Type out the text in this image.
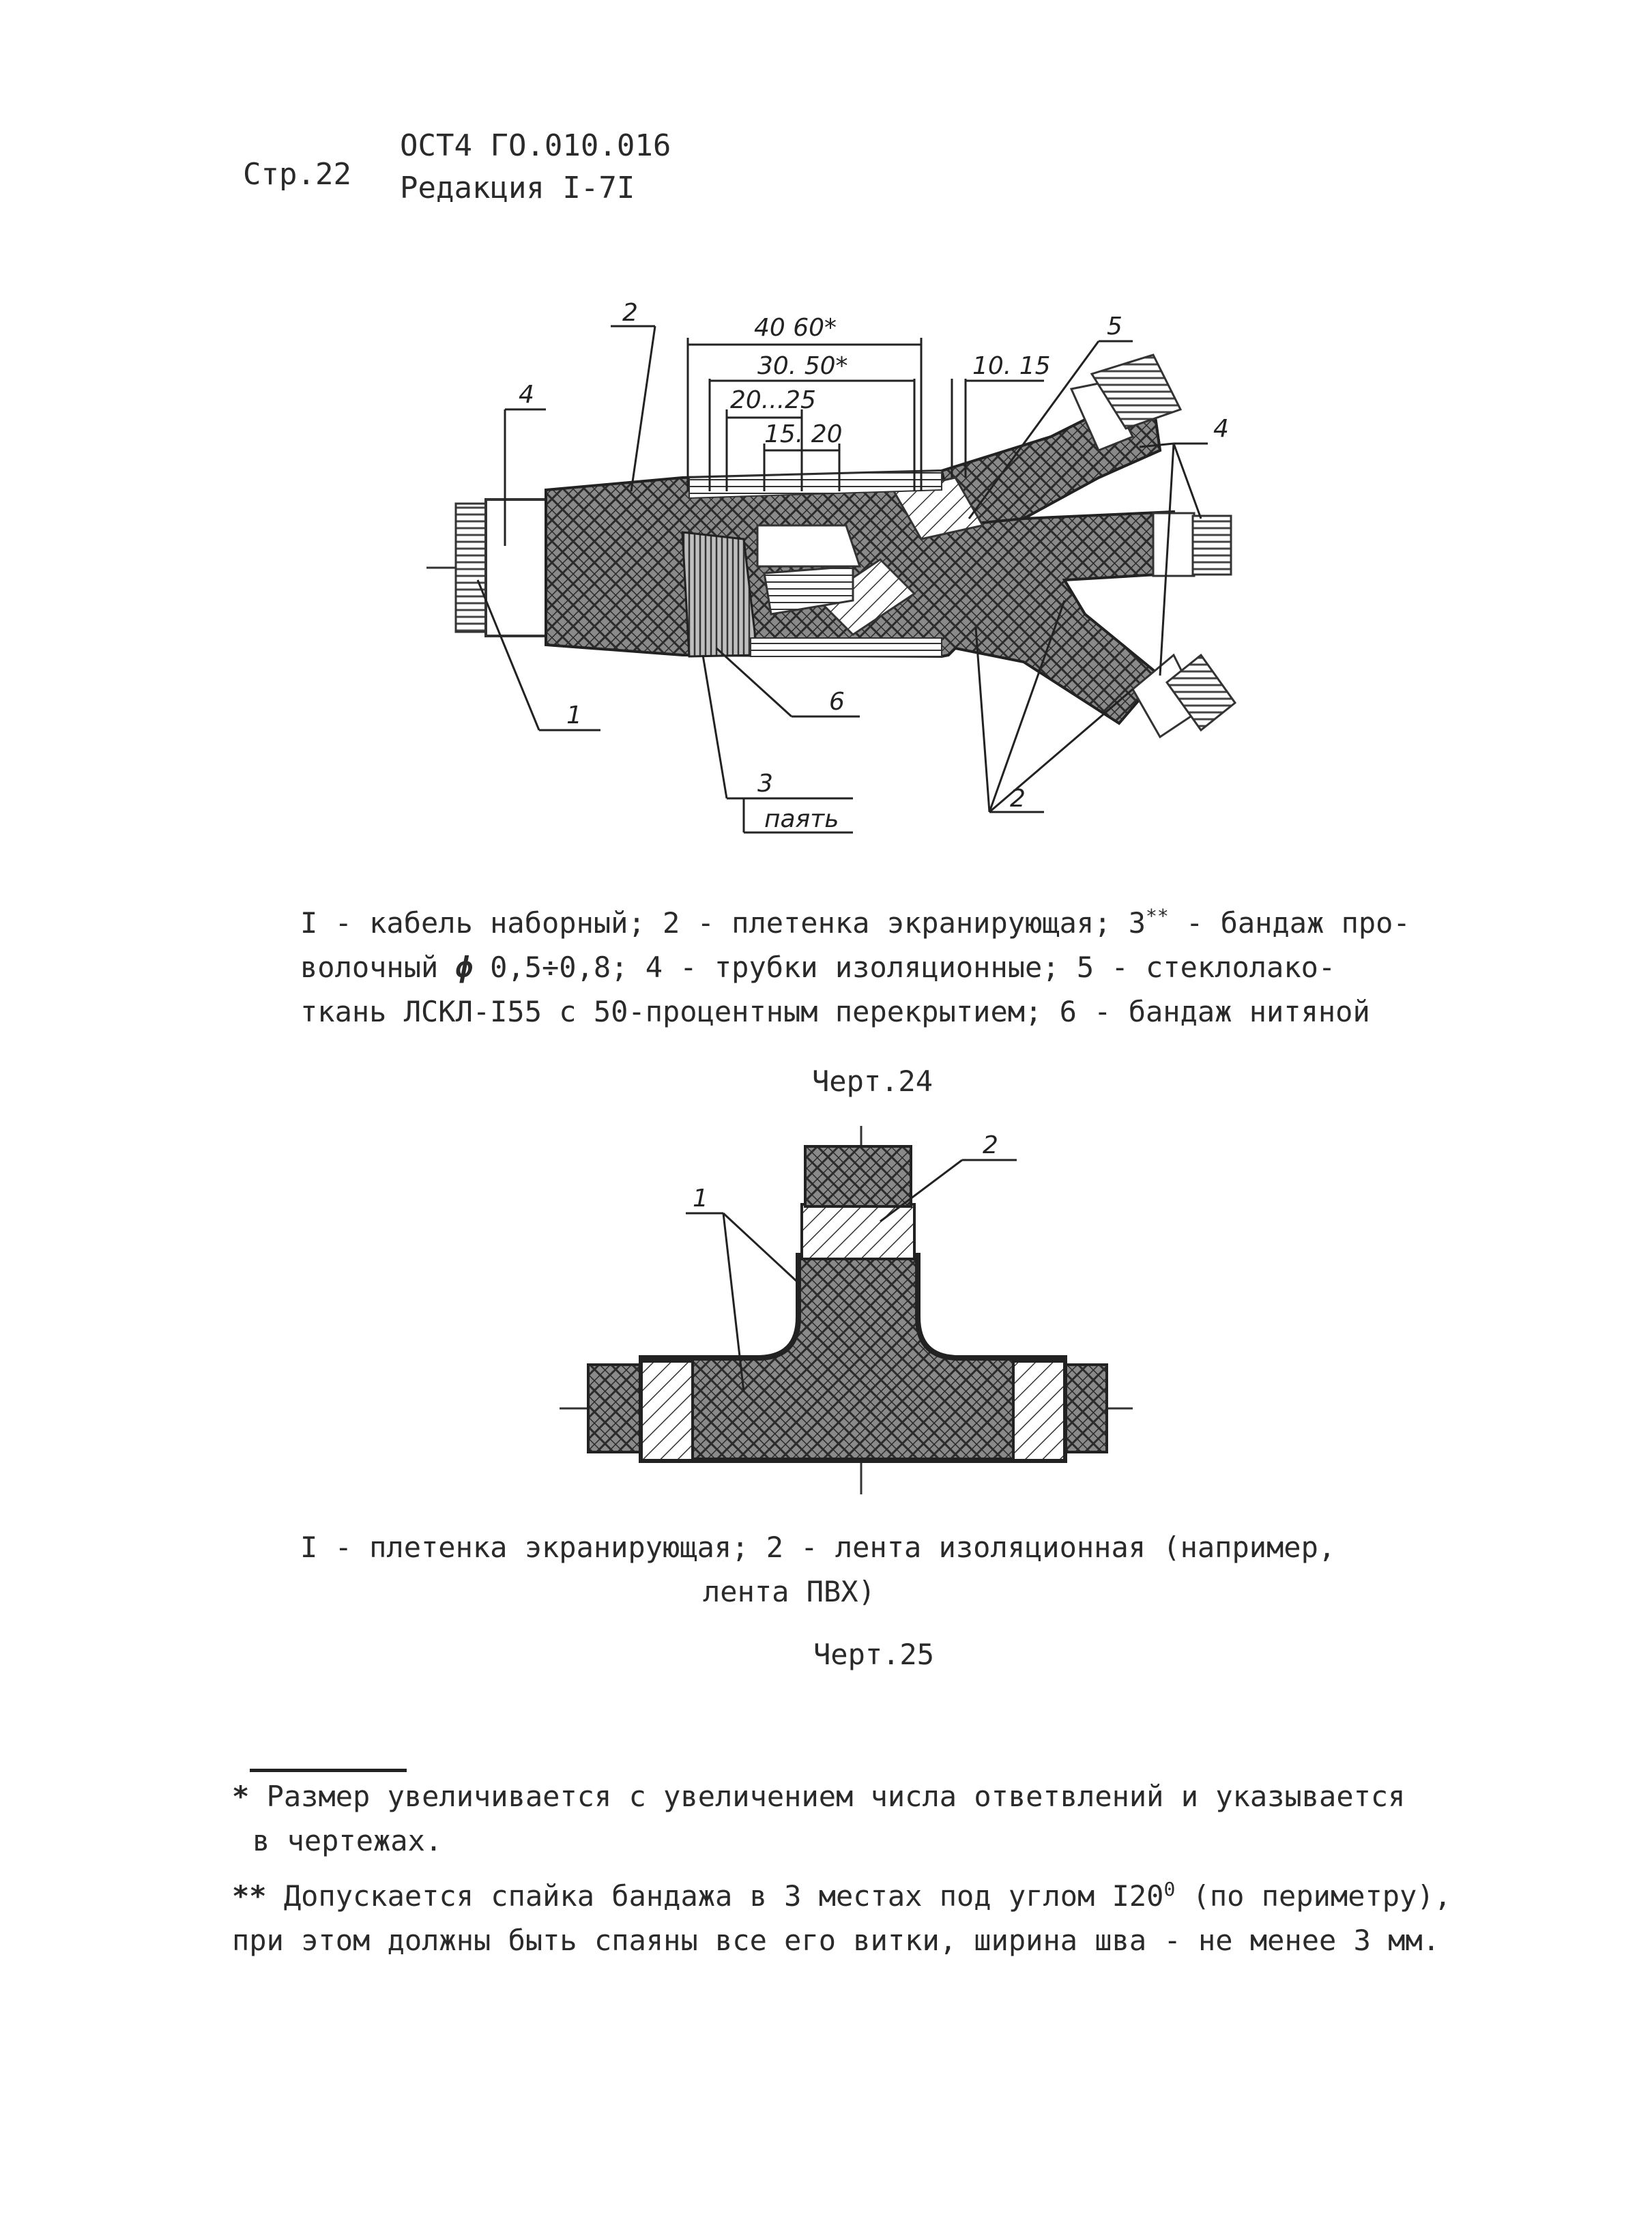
Стр.22
ОСТ4 ГО.010.016
Редакция I-7I
40 60*
30. 50*
20...25
15. 20
10. 15
2
4
1
5
4
6
3
паять
2
I - кабель наборный; 2 - плетенка экранирующая; 3** - бандаж про-
волочный ϕ 0,5÷0,8; 4 - трубки изоляционные; 5 - стеклолако-
ткань ЛСКЛ-I55 с 50-процентным перекрытием; 6 - бандаж нитяной
Черт.24
2
1
I - плетенка экранирующая; 2 - лента изоляционная (например,
лента ПВХ)
Черт.25
* Размер увеличивается с увеличением числа ответвлений и указывается
в чертежах.
** Допускается спайка бандажа в 3 местах под углом $I20^0$ (по периметру),
при этом должны быть спаяны все его витки, ширина шва - не менее 3 мм.
